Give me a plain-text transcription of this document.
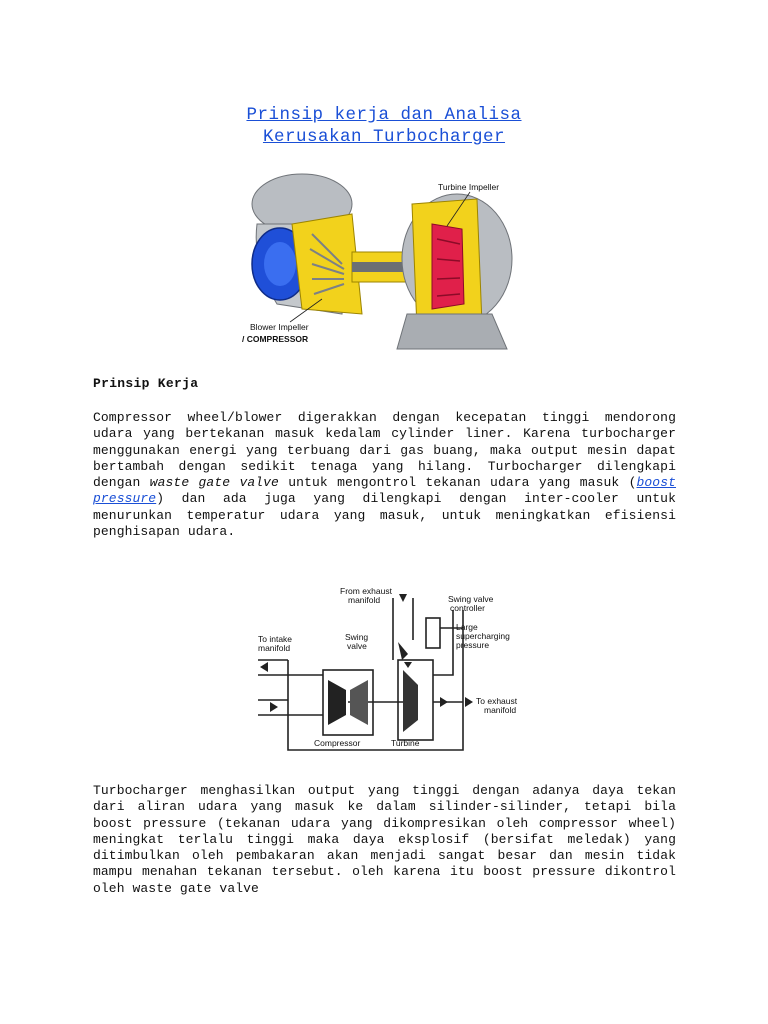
Prinsip kerja dan Analisa
Kerusakan Turbocharger
Turbine Impeller
Blower Impeller
/ COMPRESSOR
Prinsip Kerja

Compressor wheel/blower digerakkan dengan kecepatan tinggi mendorong udara yang bertekanan masuk kedalam cylinder liner. Karena turbocharger menggunakan energi yang terbuang dari gas buang, maka output mesin dapat bertambah dengan sedikit tenaga yang hilang. Turbocharger dilengkapi dengan waste gate valve untuk mengontrol tekanan udara yang masuk (boost pressure) dan ada juga yang dilengkapi dengan inter-cooler untuk menurunkan temperatur udara yang masuk, untuk meningkatkan efisiensi penghisapan udara.

From exhaust
manifold	Swing valve
controller
Large
supercharging
pressure
To intake
manifold
Swing
valve
To exhaust
manifold
Compressor	Turbine

Turbocharger menghasilkan output yang tinggi dengan adanya daya tekan dari aliran udara yang masuk ke dalam silinder-silinder, tetapi bila boost pressure (tekanan udara yang dikompresikan oleh compressor wheel) meningkat terlalu tinggi maka daya eksplosif (bersifat meledak) yang ditimbulkan oleh pembakaran akan menjadi sangat besar dan mesin tidak mampu menahan tekanan tersebut. oleh karena itu boost pressure dikontrol oleh waste gate valve
